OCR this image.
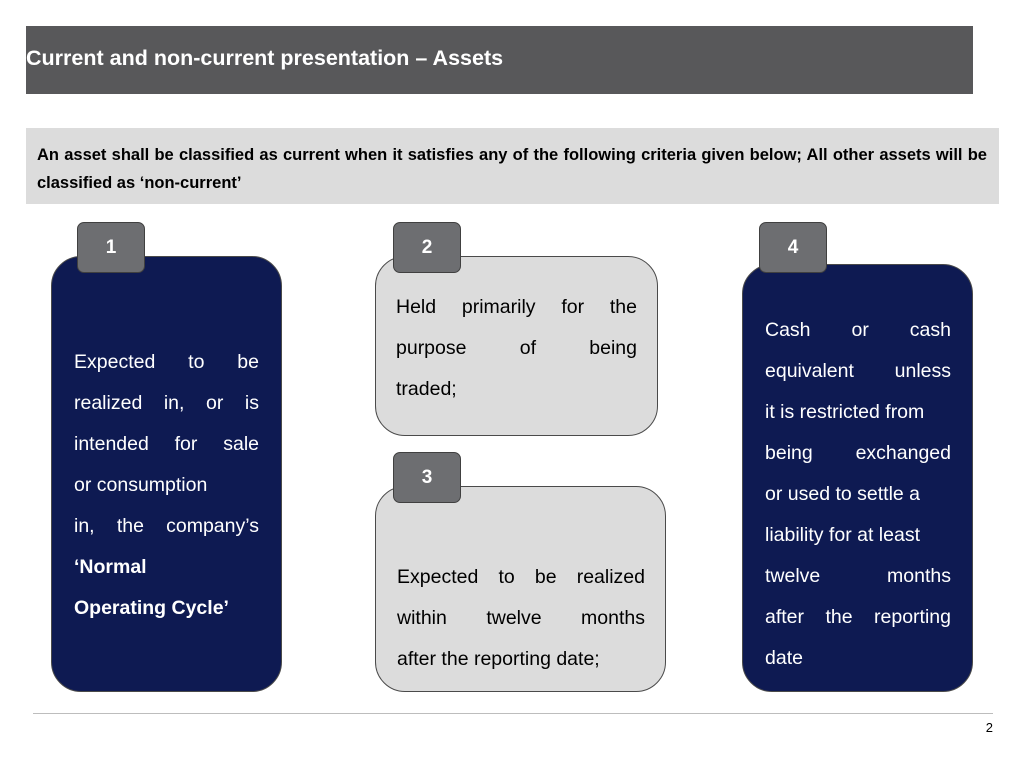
Current and non-current presentation – Assets
An asset shall be classified as current when it satisfies any of the following criteria given below; All other assets will be classified as ‘non-current’
Expected to be
realized in, or is
intended for sale
or consumption
in, the company’s
‘Normal
Operating Cycle’
1
Held primarily for the
purpose	of	being
traded;
2
Expected to be realized
within twelve months
after the reporting date;
3
Cash or cash
equivalent unless
it is restricted from
being exchanged
or used to settle a
liability for at least
twelve	months
after the reporting
date
4
2
